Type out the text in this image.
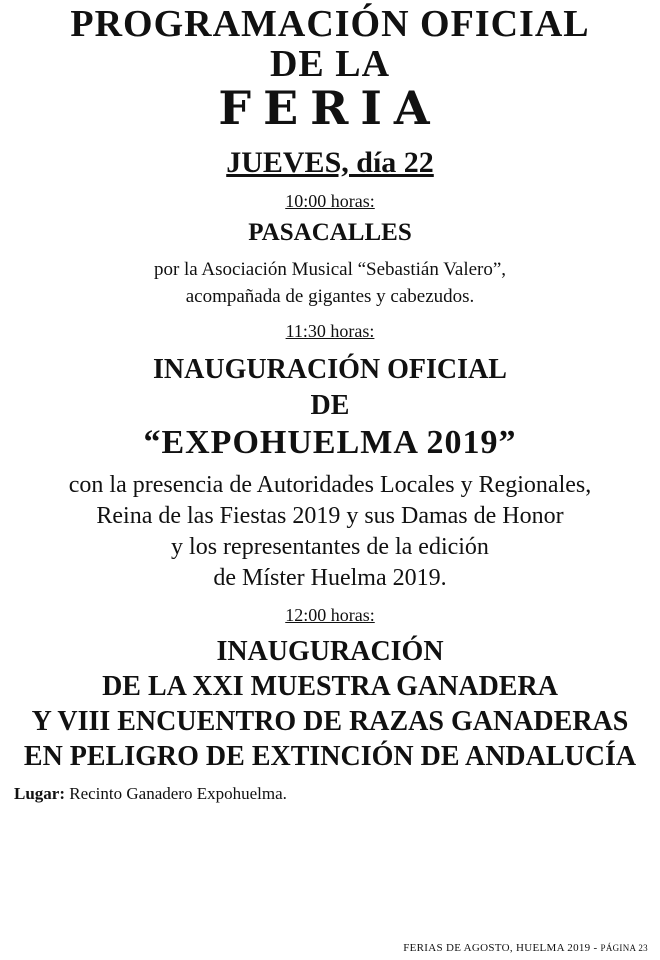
PROGRAMACIÓN OFICIAL

DE LA

FERIA

JUEVES, día 22

10:00 horas:

PASACALLES

por la Asociación Musical “Sebastián Valero”,
acompañada de gigantes y cabezudos.

11:30 horas:

INAUGURACIÓN OFICIAL
DE
“EXPOHUELMA 2019”
con la presencia de Autoridades Locales y Regionales,
Reina de las Fiestas 2019 y sus Damas de Honor
y los representantes de la edición
de Míster Huelma 2019.

12:00 horas:

INAUGURACIÓN
DE LA XXI MUESTRA GANADERA
Y VIII ENCUENTRO DE RAZAS GANADERAS
EN PELIGRO DE EXTINCIÓN DE ANDALUCÍA

Lugar: Recinto Ganadero Expohuelma.

FERIAS DE AGOSTO, HUELMA 2019 - PÁGINA 23
